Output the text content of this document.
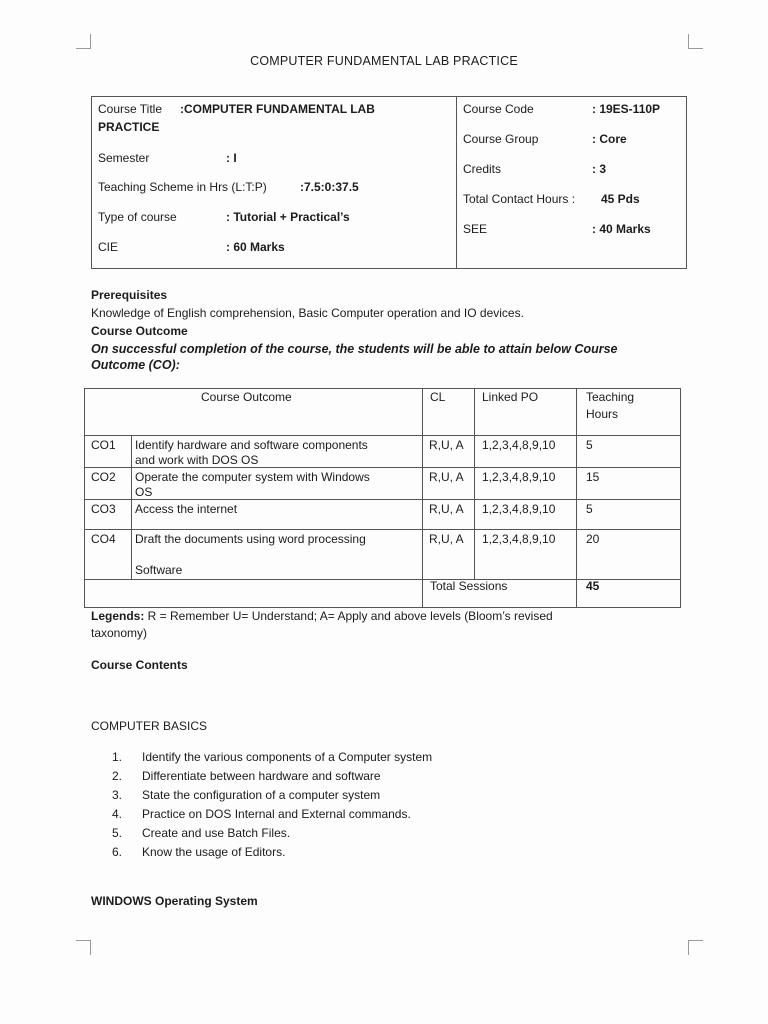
COMPUTER FUNDAMENTAL LAB PRACTICE
Course Title :COMPUTER FUNDAMENTAL LAB
PRACTICE
Semester	: I
Teaching Scheme in Hrs (L:T:P)	:7.5:0:37.5
Type of course	: Tutorial + Practical’s
CIE	: 60 Marks
Course Code	: 19ES-110P
Course Group	: Core
Credits	: 3
Total Contact Hours : 45 Pds
SEE	: 40 Marks
Prerequisites
Knowledge of English comprehension, Basic Computer operation and IO devices.
Course Outcome
On successful completion of the course, the students will be able to attain below Course
Outcome (CO):
Course Outcome	CL	Linked PO	Teaching
Hours
CO1 Identify hardware and software components
and work with DOS OS
R,U, A 1,2,3,4,8,9,10	5
CO2 Operate the computer system with Windows
OS
R,U, A 1,2,3,4,8,9,10	15
CO3 Access the internet	R,U, A 1,2,3,4,8,9,10	5
CO4 Draft the documents using word processing
Software
R,U, A 1,2,3,4,8,9,10	20
Total Sessions	45
Legends: R = Remember U= Understand; A= Apply and above levels (Bloom’s revised
taxonomy)
Course Contents
COMPUTER BASICS
1. Identify the various components of a Computer system
2. Differentiate between hardware and software
3. State the configuration of a computer system
4. Practice on DOS Internal and External commands.
5. Create and use Batch Files.
6. Know the usage of Editors.
WINDOWS Operating System
